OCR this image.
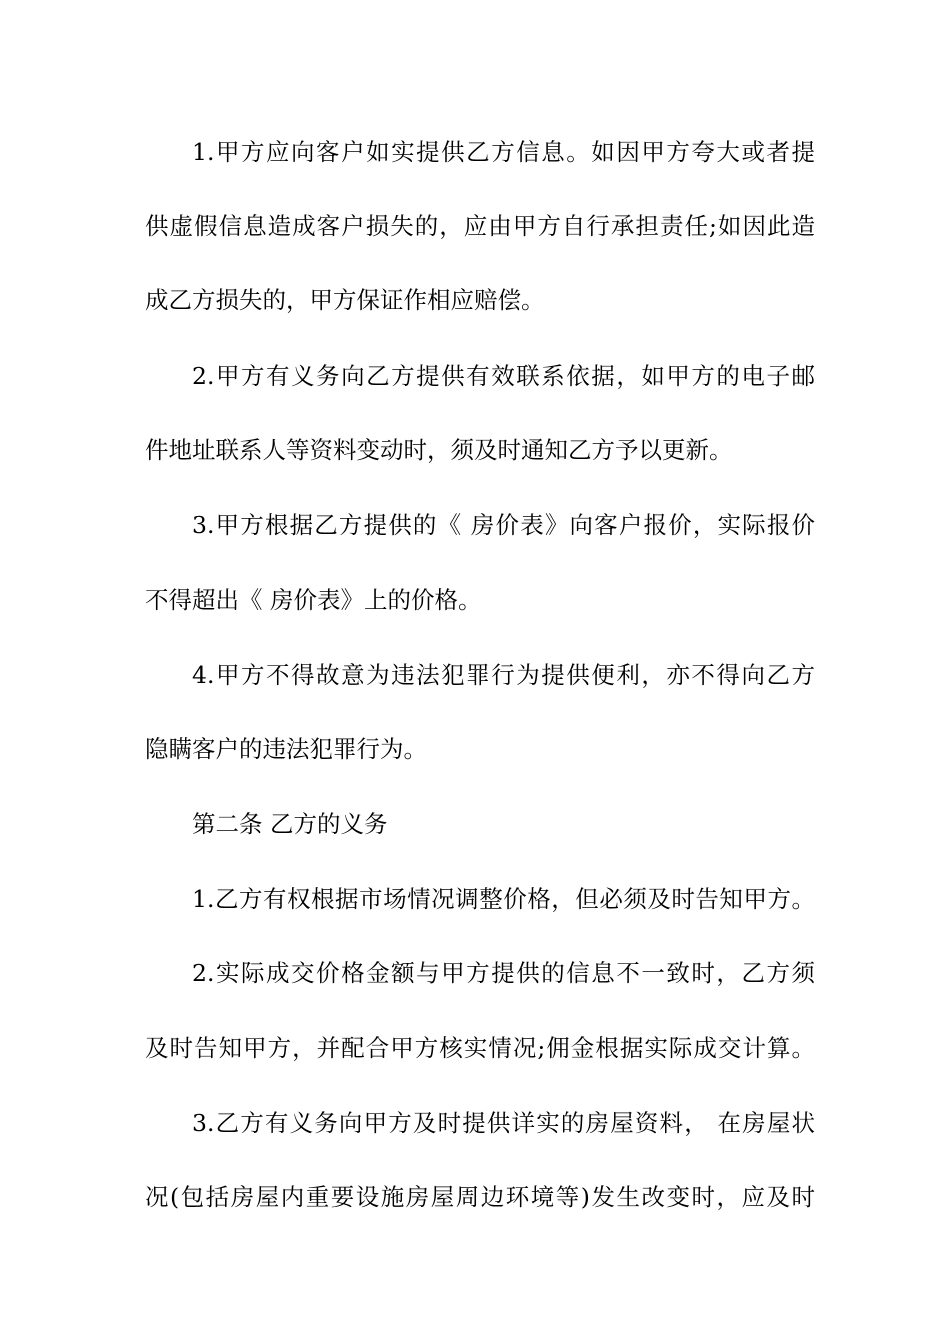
1.甲方应向客户如实提供乙方信息。如因甲方夸大或者提
供虚假信息造成客户损失的，应由甲方自行承担责任;如因此造
成乙方损失的，甲方保证作相应赔偿。
2.甲方有义务向乙方提供有效联系依据，如甲方的电子邮
件地址联系人等资料变动时，须及时通知乙方予以更新。
3.甲方根据乙方提供的《 房价表》向客户报价，实际报价
不得超出《 房价表》上的价格。
4.甲方不得故意为违法犯罪行为提供便利，亦不得向乙方
隐瞒客户的违法犯罪行为。
第二条 乙方的义务
1.乙方有权根据市场情况调整价格，但必须及时告知甲方。
2.实际成交价格金额与甲方提供的信息不一致时，乙方须
及时告知甲方，并配合甲方核实情况;佣金根据实际成交计算。
3.乙方有义务向甲方及时提供详实的房屋资料， 在房屋状
况(包括房屋内重要设施房屋周边环境等)发生改变时，应及时
